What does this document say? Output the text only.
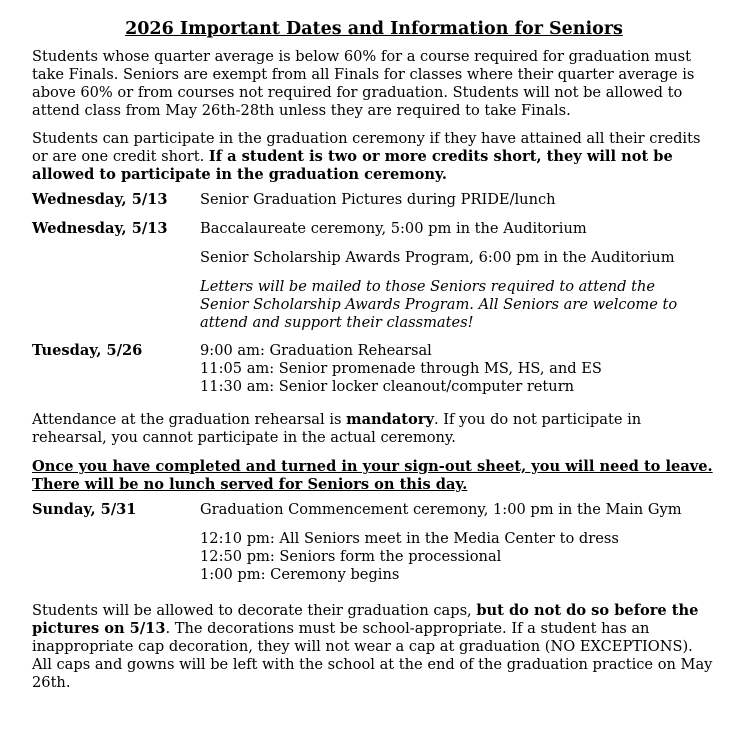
2026 Important Dates and Information for Seniors

Students whose quarter average is below 60% for a course required for graduation must take Finals. Seniors are exempt from all Finals for classes where their quarter average is above 60% or from courses not required for graduation. Students will not be allowed to attend class from May 26th-28th unless they are required to take Finals.

Students can participate in the graduation ceremony if they have attained all their credits or are one credit short. If a student is two or more credits short, they will not be allowed to participate in the graduation ceremony.

Wednesday, 5/13	Senior Graduation Pictures during PRIDE/lunch
Wednesday, 5/13	Baccalaureate ceremony, 5:00 pm in the Auditorium
Senior Scholarship Awards Program, 6:00 pm in the Auditorium
Letters will be mailed to those Seniors required to attend the Senior Scholarship Awards Program. All Seniors are welcome to attend and support their classmates!
Tuesday, 5/26	9:00 am: Graduation Rehearsal
11:05 am: Senior promenade through MS, HS, and ES
11:30 am: Senior locker cleanout/computer return

Attendance at the graduation rehearsal is mandatory. If you do not participate in rehearsal, you cannot participate in the actual ceremony.

Once you have completed and turned in your sign-out sheet, you will need to leave. There will be no lunch served for Seniors on this day.

Sunday, 5/31	Graduation Commencement ceremony, 1:00 pm in the Main Gym
12:10 pm: All Seniors meet in the Media Center to dress
12:50 pm: Seniors form the processional
1:00 pm: Ceremony begins

Students will be allowed to decorate their graduation caps, but do not do so before the pictures on 5/13. The decorations must be school-appropriate. If a student has an inappropriate cap decoration, they will not wear a cap at graduation (NO EXCEPTIONS). All caps and gowns will be left with the school at the end of the graduation practice on May 26th.
